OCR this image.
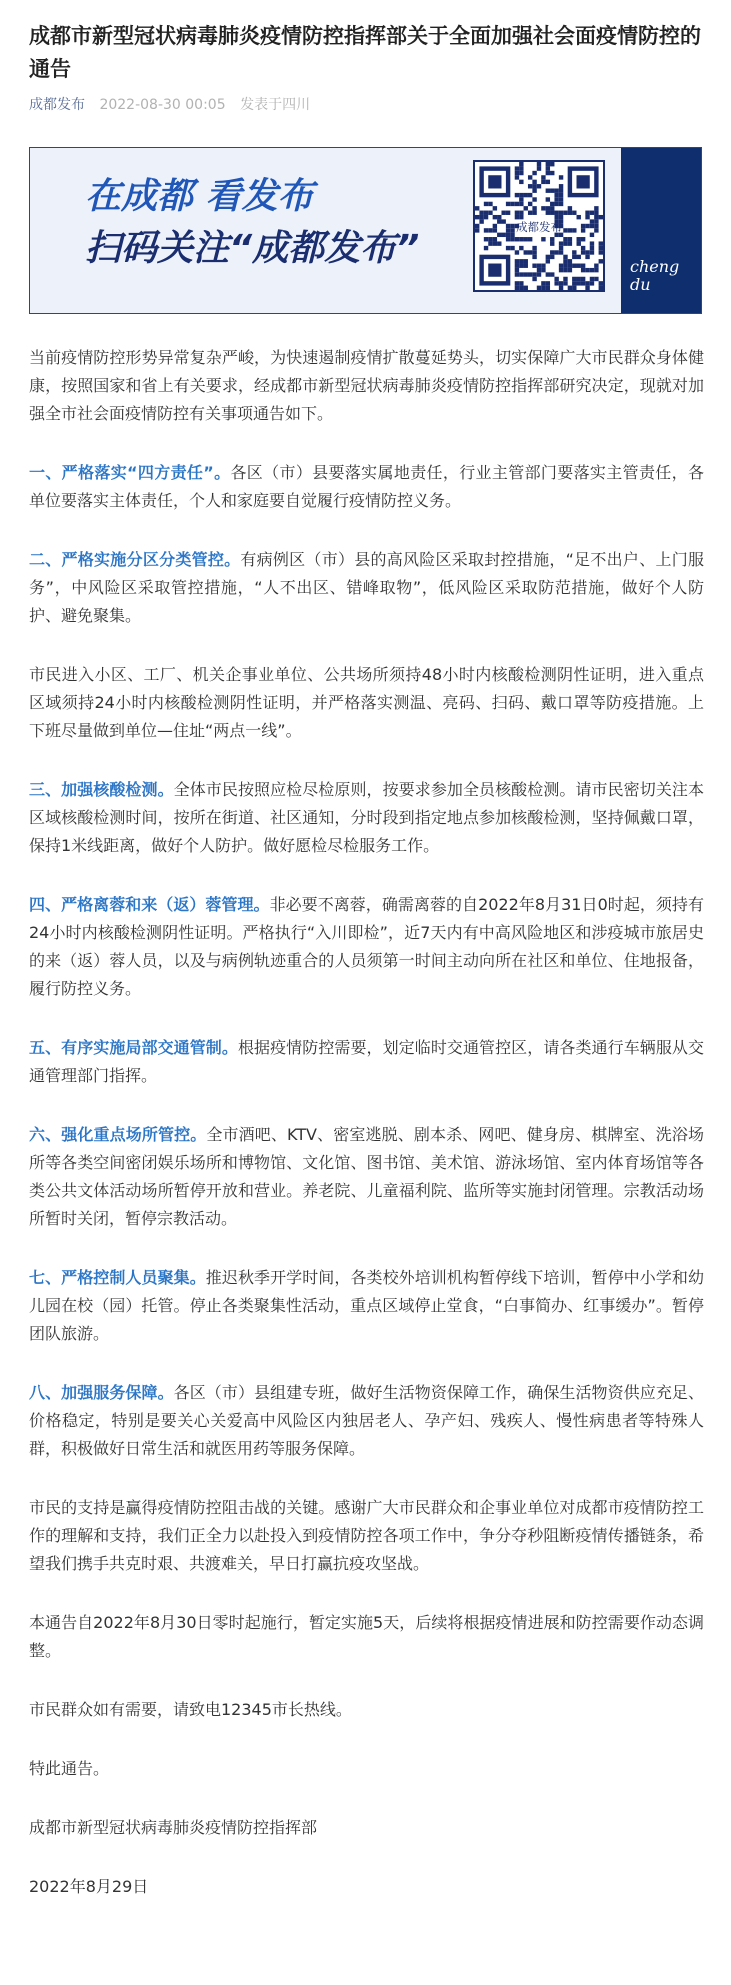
成都市新型冠状病毒肺炎疫情防控指挥部关于全面加强社会面疫情防控的通告
成都发布 2022-08-30 00:05 发表于四川
在成都 看发布
扫码关注“成都发布”
成都发布
cheng du

当前疫情防控形势异常复杂严峻，为快速遏制疫情扩散蔓延势头，切实保障广大市民群众身体健康，按照国家和省上有关要求，经成都市新型冠状病毒肺炎疫情防控指挥部研究决定，现就对加强全市社会面疫情防控有关事项通告如下。

一、严格落实“四方责任”。各区（市）县要落实属地责任，行业主管部门要落实主管责任，各单位要落实主体责任，个人和家庭要自觉履行疫情防控义务。

二、严格实施分区分类管控。有病例区（市）县的高风险区采取封控措施，“足不出户、上门服务”，中风险区采取管控措施，“人不出区、错峰取物”，低风险区采取防范措施，做好个人防护、避免聚集。

市民进入小区、工厂、机关企事业单位、公共场所须持48小时内核酸检测阴性证明，进入重点区域须持24小时内核酸检测阴性证明，并严格落实测温、亮码、扫码、戴口罩等防疫措施。上下班尽量做到单位—住址“两点一线”。

三、加强核酸检测。全体市民按照应检尽检原则，按要求参加全员核酸检测。请市民密切关注本区域核酸检测时间，按所在街道、社区通知，分时段到指定地点参加核酸检测，坚持佩戴口罩，保持1米线距离，做好个人防护。做好愿检尽检服务工作。

四、严格离蓉和来（返）蓉管理。非必要不离蓉，确需离蓉的自2022年8月31日0时起，须持有24小时内核酸检测阴性证明。严格执行“入川即检”，近7天内有中高风险地区和涉疫城市旅居史的来（返）蓉人员，以及与病例轨迹重合的人员须第一时间主动向所在社区和单位、住地报备，履行防控义务。

五、有序实施局部交通管制。根据疫情防控需要，划定临时交通管控区，请各类通行车辆服从交通管理部门指挥。

六、强化重点场所管控。全市酒吧、KTV、密室逃脱、剧本杀、网吧、健身房、棋牌室、洗浴场所等各类空间密闭娱乐场所和博物馆、文化馆、图书馆、美术馆、游泳场馆、室内体育场馆等各类公共文体活动场所暂停开放和营业。养老院、儿童福利院、监所等实施封闭管理。宗教活动场所暂时关闭，暂停宗教活动。

七、严格控制人员聚集。推迟秋季开学时间，各类校外培训机构暂停线下培训，暂停中小学和幼儿园在校（园）托管。停止各类聚集性活动，重点区域停止堂食，“白事简办、红事缓办”。暂停团队旅游。

八、加强服务保障。各区（市）县组建专班，做好生活物资保障工作，确保生活物资供应充足、价格稳定，特别是要关心关爱高中风险区内独居老人、孕产妇、残疾人、慢性病患者等特殊人群，积极做好日常生活和就医用药等服务保障。

市民的支持是赢得疫情防控阻击战的关键。感谢广大市民群众和企事业单位对成都市疫情防控工作的理解和支持，我们正全力以赴投入到疫情防控各项工作中，争分夺秒阻断疫情传播链条，希望我们携手共克时艰、共渡难关，早日打赢抗疫攻坚战。

本通告自2022年8月30日零时起施行，暂定实施5天，后续将根据疫情进展和防控需要作动态调整。

市民群众如有需要，请致电12345市长热线。

特此通告。

成都市新型冠状病毒肺炎疫情防控指挥部

2022年8月29日
